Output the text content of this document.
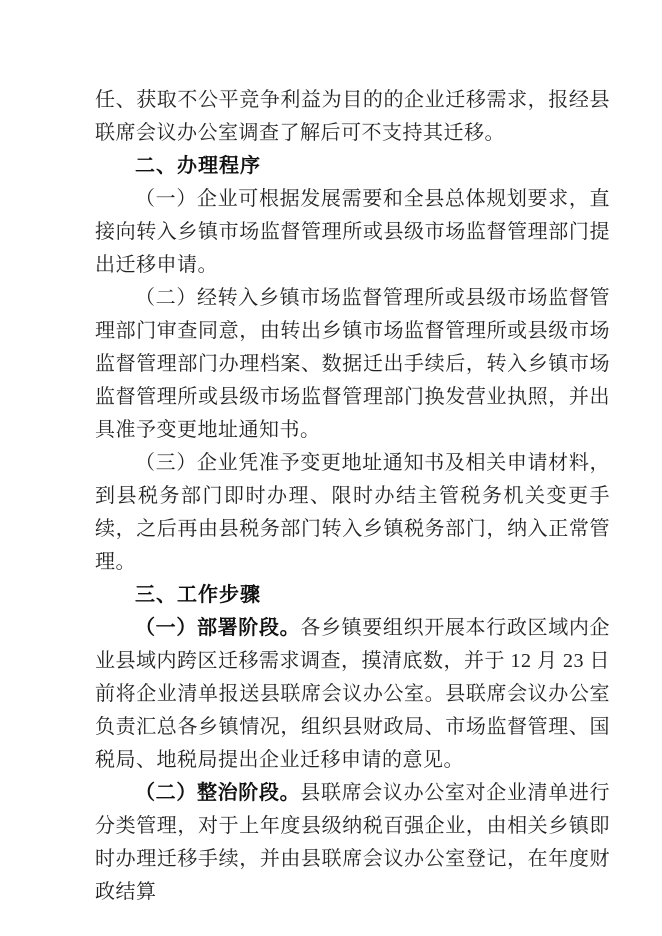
任、获取不公平竞争利益为目的的企业迁移需求，报经县联席会议办公室调查了解后可不支持其迁移。

二、办理程序

（一）企业可根据发展需要和全县总体规划要求，直接向转入乡镇市场监督管理所或县级市场监督管理部门提出迁移申请。

（二）经转入乡镇市场监督管理所或县级市场监督管理部门审查同意，由转出乡镇市场监督管理所或县级市场监督管理部门办理档案、数据迁出手续后，转入乡镇市场监督管理所或县级市场监督管理部门换发营业执照，并出具准予变更地址通知书。

（三）企业凭准予变更地址通知书及相关申请材料，到县税务部门即时办理、限时办结主管税务机关变更手续，之后再由县税务部门转入乡镇税务部门，纳入正常管理。

三、工作步骤

（一）部署阶段。各乡镇要组织开展本行政区域内企业县域内跨区迁移需求调查，摸清底数，并于 12 月 23 日前将企业清单报送县联席会议办公室。县联席会议办公室负责汇总各乡镇情况，组织县财政局、市场监督管理、国税局、地税局提出企业迁移申请的意见。

（二）整治阶段。县联席会议办公室对企业清单进行分类管理，对于上年度县级纳税百强企业，由相关乡镇即时办理迁移手续，并由县联席会议办公室登记，在年度财政结算
